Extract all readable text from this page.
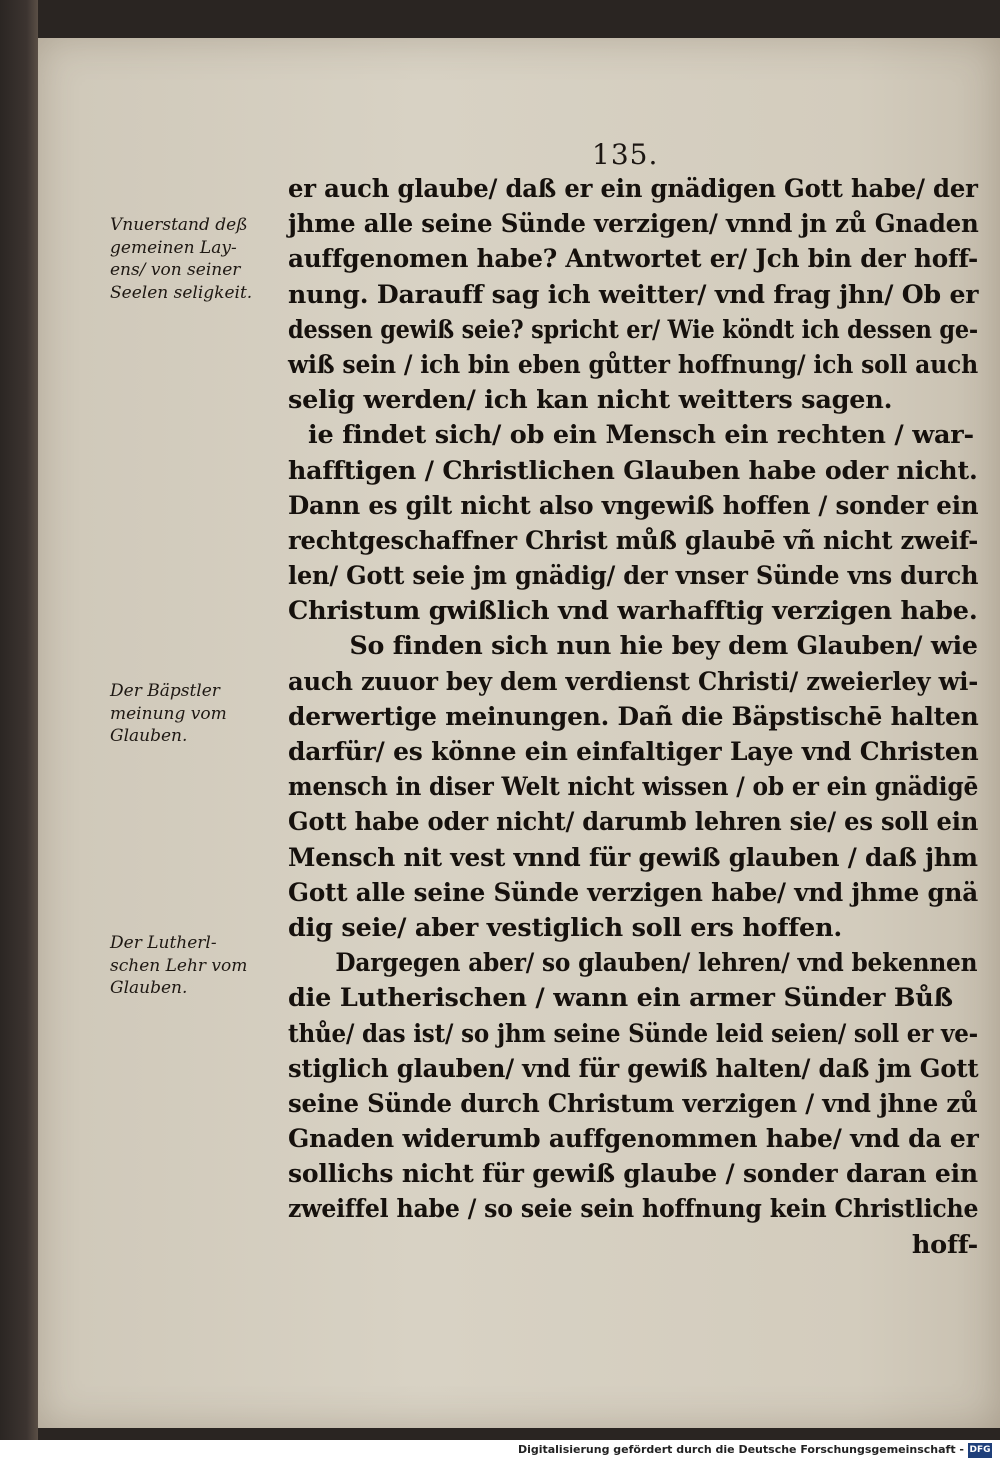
135.
er auch glaube/ daß er ein gnädigen Gott habe/ der
jhme alle seine Sünde verzigen/ vnnd jn zů Gnaden
auffgenomen habe? Antwortet er/ Jch bin der hoff-
nung. Darauff sag ich weitter/ vnd frag jhn/ Ob er
dessen gewiß seie? spricht er/ Wie köndt ich dessen ge-
wiß sein / ich bin eben gůtter hoffnung/ ich soll auch
selig werden/ ich kan nicht weitters sagen.
ie findet sich/ ob ein Mensch ein rechten / war-
hafftigen / Christlichen Glauben habe oder nicht.
Dann es gilt nicht also vngewiß hoffen / sonder ein
rechtgeschaffner Christ můß glaubē vñ nicht zweif-
len/ Gott seie jm gnädig/ der vnser Sünde vns durch
Christum gwißlich vnd warhafftig verzigen habe.
So finden sich nun hie bey dem Glauben/ wie
auch zuuor bey dem verdienst Christi/ zweierley wi-
derwertige meinungen. Dañ die Bäpstischē halten
darfür/ es könne ein einfaltiger Laye vnd Christen
mensch in diser Welt nicht wissen / ob er ein gnädigē
Gott habe oder nicht/ darumb lehren sie/ es soll ein
Mensch nit vest vnnd für gewiß glauben / daß jhm
Gott alle seine Sünde verzigen habe/ vnd jhme gnä
dig seie/ aber vestiglich soll ers hoffen.
Dargegen aber/ so glauben/ lehren/ vnd bekennen
die Lutherischen / wann ein armer Sünder Bůß
thůe/ das ist/ so jhm seine Sünde leid seien/ soll er ve-
stiglich glauben/ vnd für gewiß halten/ daß jm Gott
seine Sünde durch Christum verzigen / vnd jhne zů
Gnaden widerumb auffgenommen habe/ vnd da er
sollichs nicht für gewiß glaube / sonder daran ein
zweiffel habe / so seie sein hoffnung kein Christliche
hoff-
Vnuerstand deß
gemeinen Lay-
ens/ von seiner
Seelen seligkeit.
Der Bäpstler
meinung vom
Glauben.
Der Lutherl-
schen Lehr vom
Glauben.
Digitalisierung gefördert durch die Deutsche Forschungsgemeinschaft - DFG
